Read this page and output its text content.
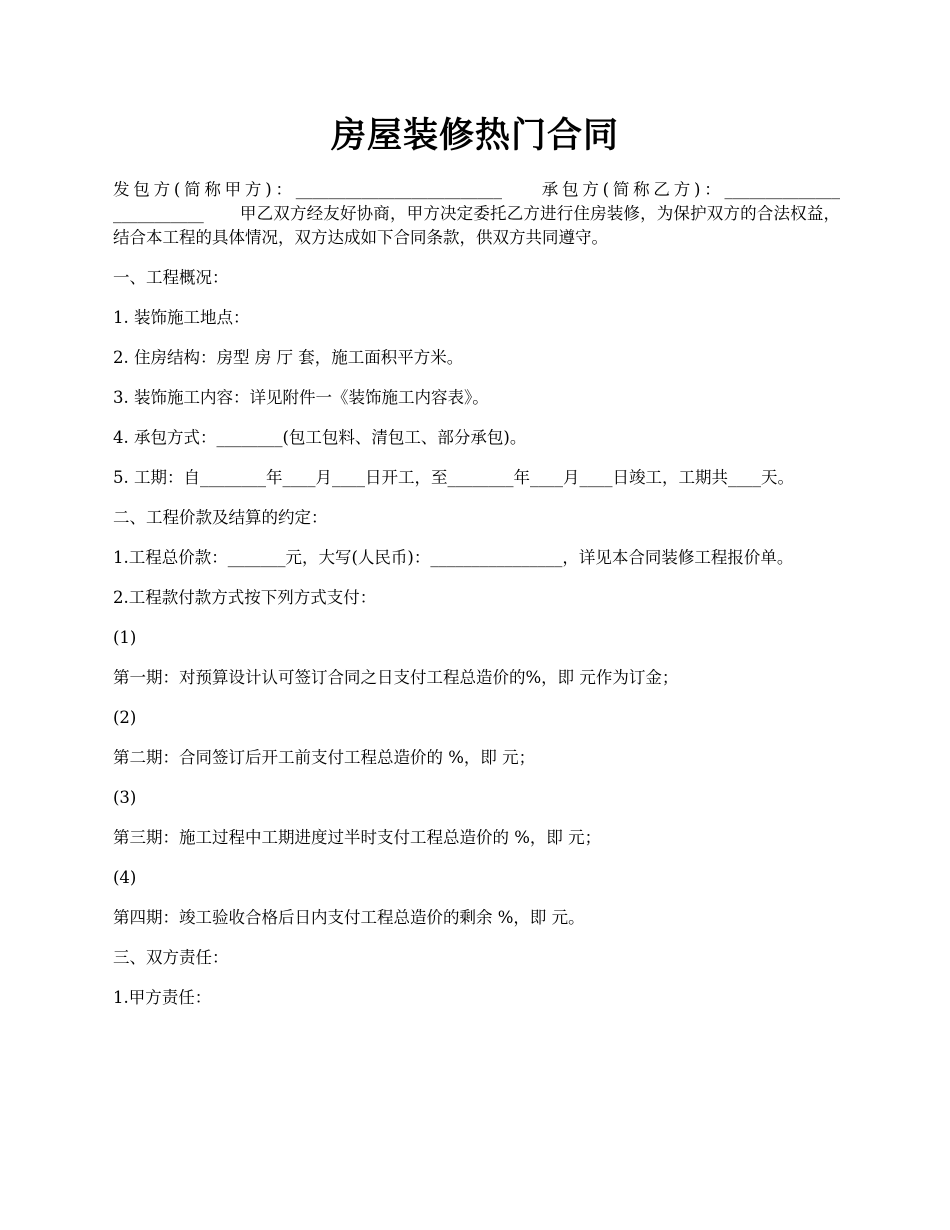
房屋装修热门合同
发包方(简称甲方)：_________________________ 承包方(简称乙方)：______________ ___________ 甲乙双方经友好协商，甲方决定委托乙方进行住房装修，为保护双方的合法权益，结合本工程的具体情况，双方达成如下合同条款，供双方共同遵守。
一、工程概况：
1. 装饰施工地点：
2. 住房结构：房型 房 厅 套，施工面积平方米。
3. 装饰施工内容：详见附件一《装饰施工内容表》。
4. 承包方式：________(包工包料、清包工、部分承包)。
5. 工期：自________年____月____日开工，至________年____月____日竣工，工期共____天。
二、工程价款及结算的约定：
1.工程总价款：_______元，大写(人民币)：________________，详见本合同装修工程报价单。
2.工程款付款方式按下列方式支付：
(1)
第一期：对预算设计认可签订合同之日支付工程总造价的%，即 元作为订金；
(2)
第二期：合同签订后开工前支付工程总造价的 %，即 元；
(3)
第三期：施工过程中工期进度过半时支付工程总造价的 %，即 元；
(4)
第四期：竣工验收合格后日内支付工程总造价的剩余 %，即 元。
三、双方责任：
1.甲方责任：
